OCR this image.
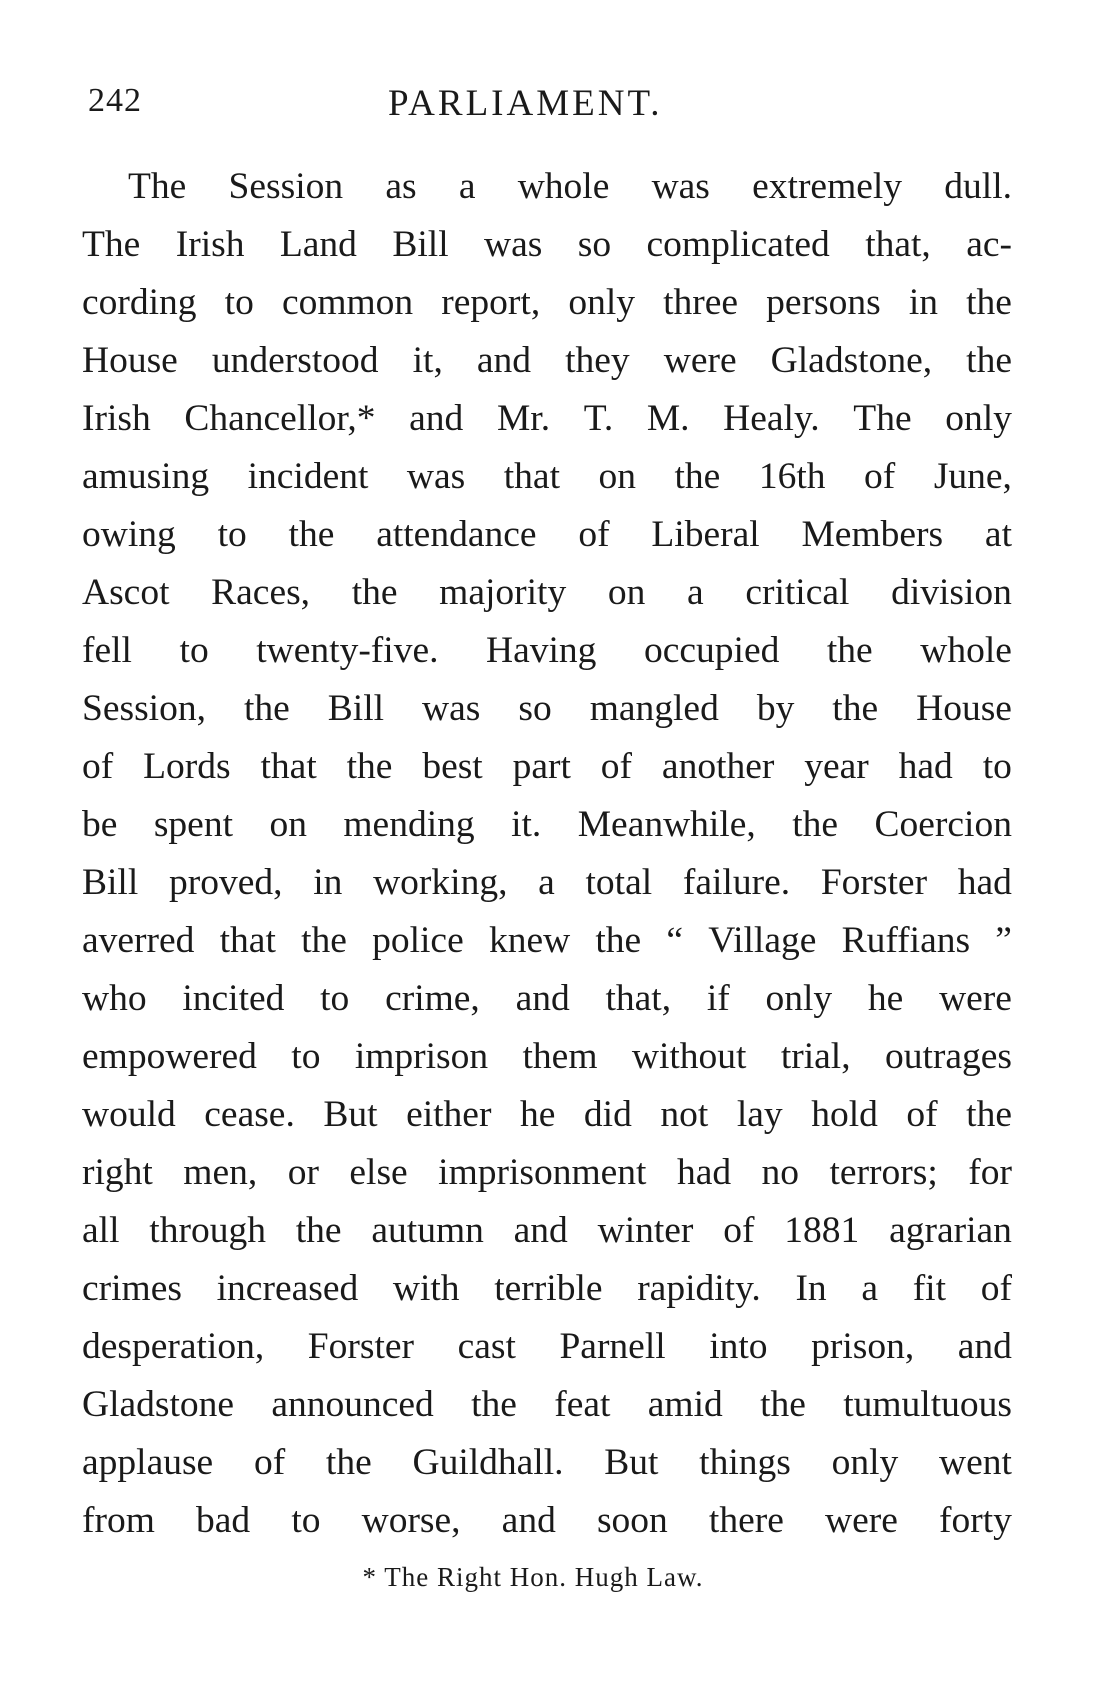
242	PARLIAMENT.
The Session as a whole was extremely dull.
The Irish Land Bill was so complicated that, ac-
cording to common report, only three persons in the
House understood it, and they were Gladstone, the
Irish Chancellor,* and Mr. T. M. Healy. The only
amusing incident was that on the 16th of June,
owing to the attendance of Liberal Members at
Ascot Races, the majority on a critical division
fell to twenty-five. Having occupied the whole
Session, the Bill was so mangled by the House
of Lords that the best part of another year had to
be spent on mending it. Meanwhile, the Coercion
Bill proved, in working, a total failure. Forster had
averred that the police knew the “ Village Ruffians ”
who incited to crime, and that, if only he were
empowered to imprison them without trial, outrages
would cease. But either he did not lay hold of the
right men, or else imprisonment had no terrors; for
all through the autumn and winter of 1881 agrarian
crimes increased with terrible rapidity. In a fit of
desperation, Forster cast Parnell into prison, and
Gladstone announced the feat amid the tumultuous
applause of the Guildhall. But things only went
from bad to worse, and soon there were forty
* The Right Hon. Hugh Law.
